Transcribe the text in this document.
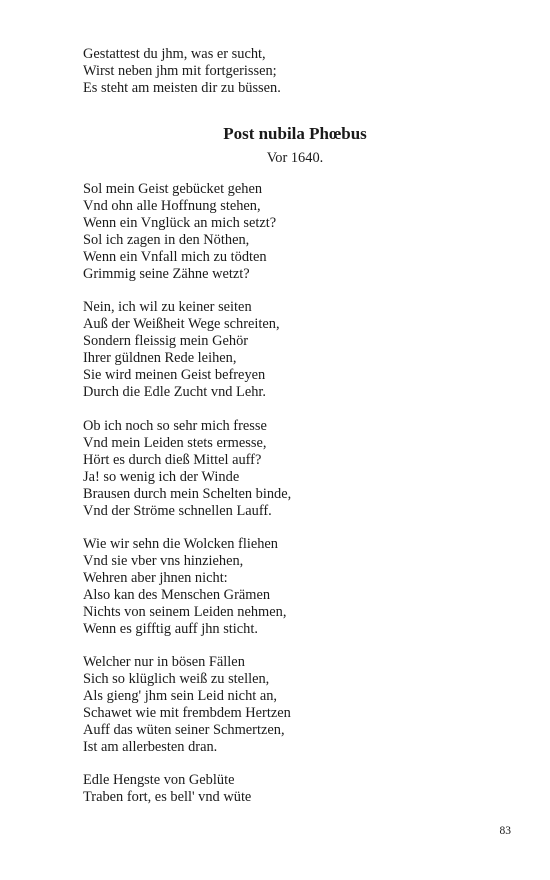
Gestattest du jhm, was er sucht,
Wirst neben jhm mit fortgerissen;
Es steht am meisten dir zu büssen.
Post nubila Phœbus
Vor 1640.
Sol mein Geist gebücket gehen
Vnd ohn alle Hoffnung stehen,
Wenn ein Vnglück an mich setzt?
Sol ich zagen in den Nöthen,
Wenn ein Vnfall mich zu tödten
Grimmig seine Zähne wetzt?
Nein, ich wil zu keiner seiten
Auß der Weißheit Wege schreiten,
Sondern fleissig mein Gehör
Ihrer güldnen Rede leihen,
Sie wird meinen Geist befreyen
Durch die Edle Zucht vnd Lehr.
Ob ich noch so sehr mich fresse
Vnd mein Leiden stets ermesse,
Hört es durch dieß Mittel auff?
Ja! so wenig ich der Winde
Brausen durch mein Schelten binde,
Vnd der Ströme schnellen Lauff.
Wie wir sehn die Wolcken fliehen
Vnd sie vber vns hinziehen,
Wehren aber jhnen nicht:
Also kan des Menschen Grämen
Nichts von seinem Leiden nehmen,
Wenn es gifftig auff jhn sticht.
Welcher nur in bösen Fällen
Sich so klüglich weiß zu stellen,
Als gieng' jhm sein Leid nicht an,
Schawet wie mit frembdem Hertzen
Auff das wüten seiner Schmertzen,
Ist am allerbesten dran.
Edle Hengste von Geblüte
Traben fort, es bell' vnd wüte
83
